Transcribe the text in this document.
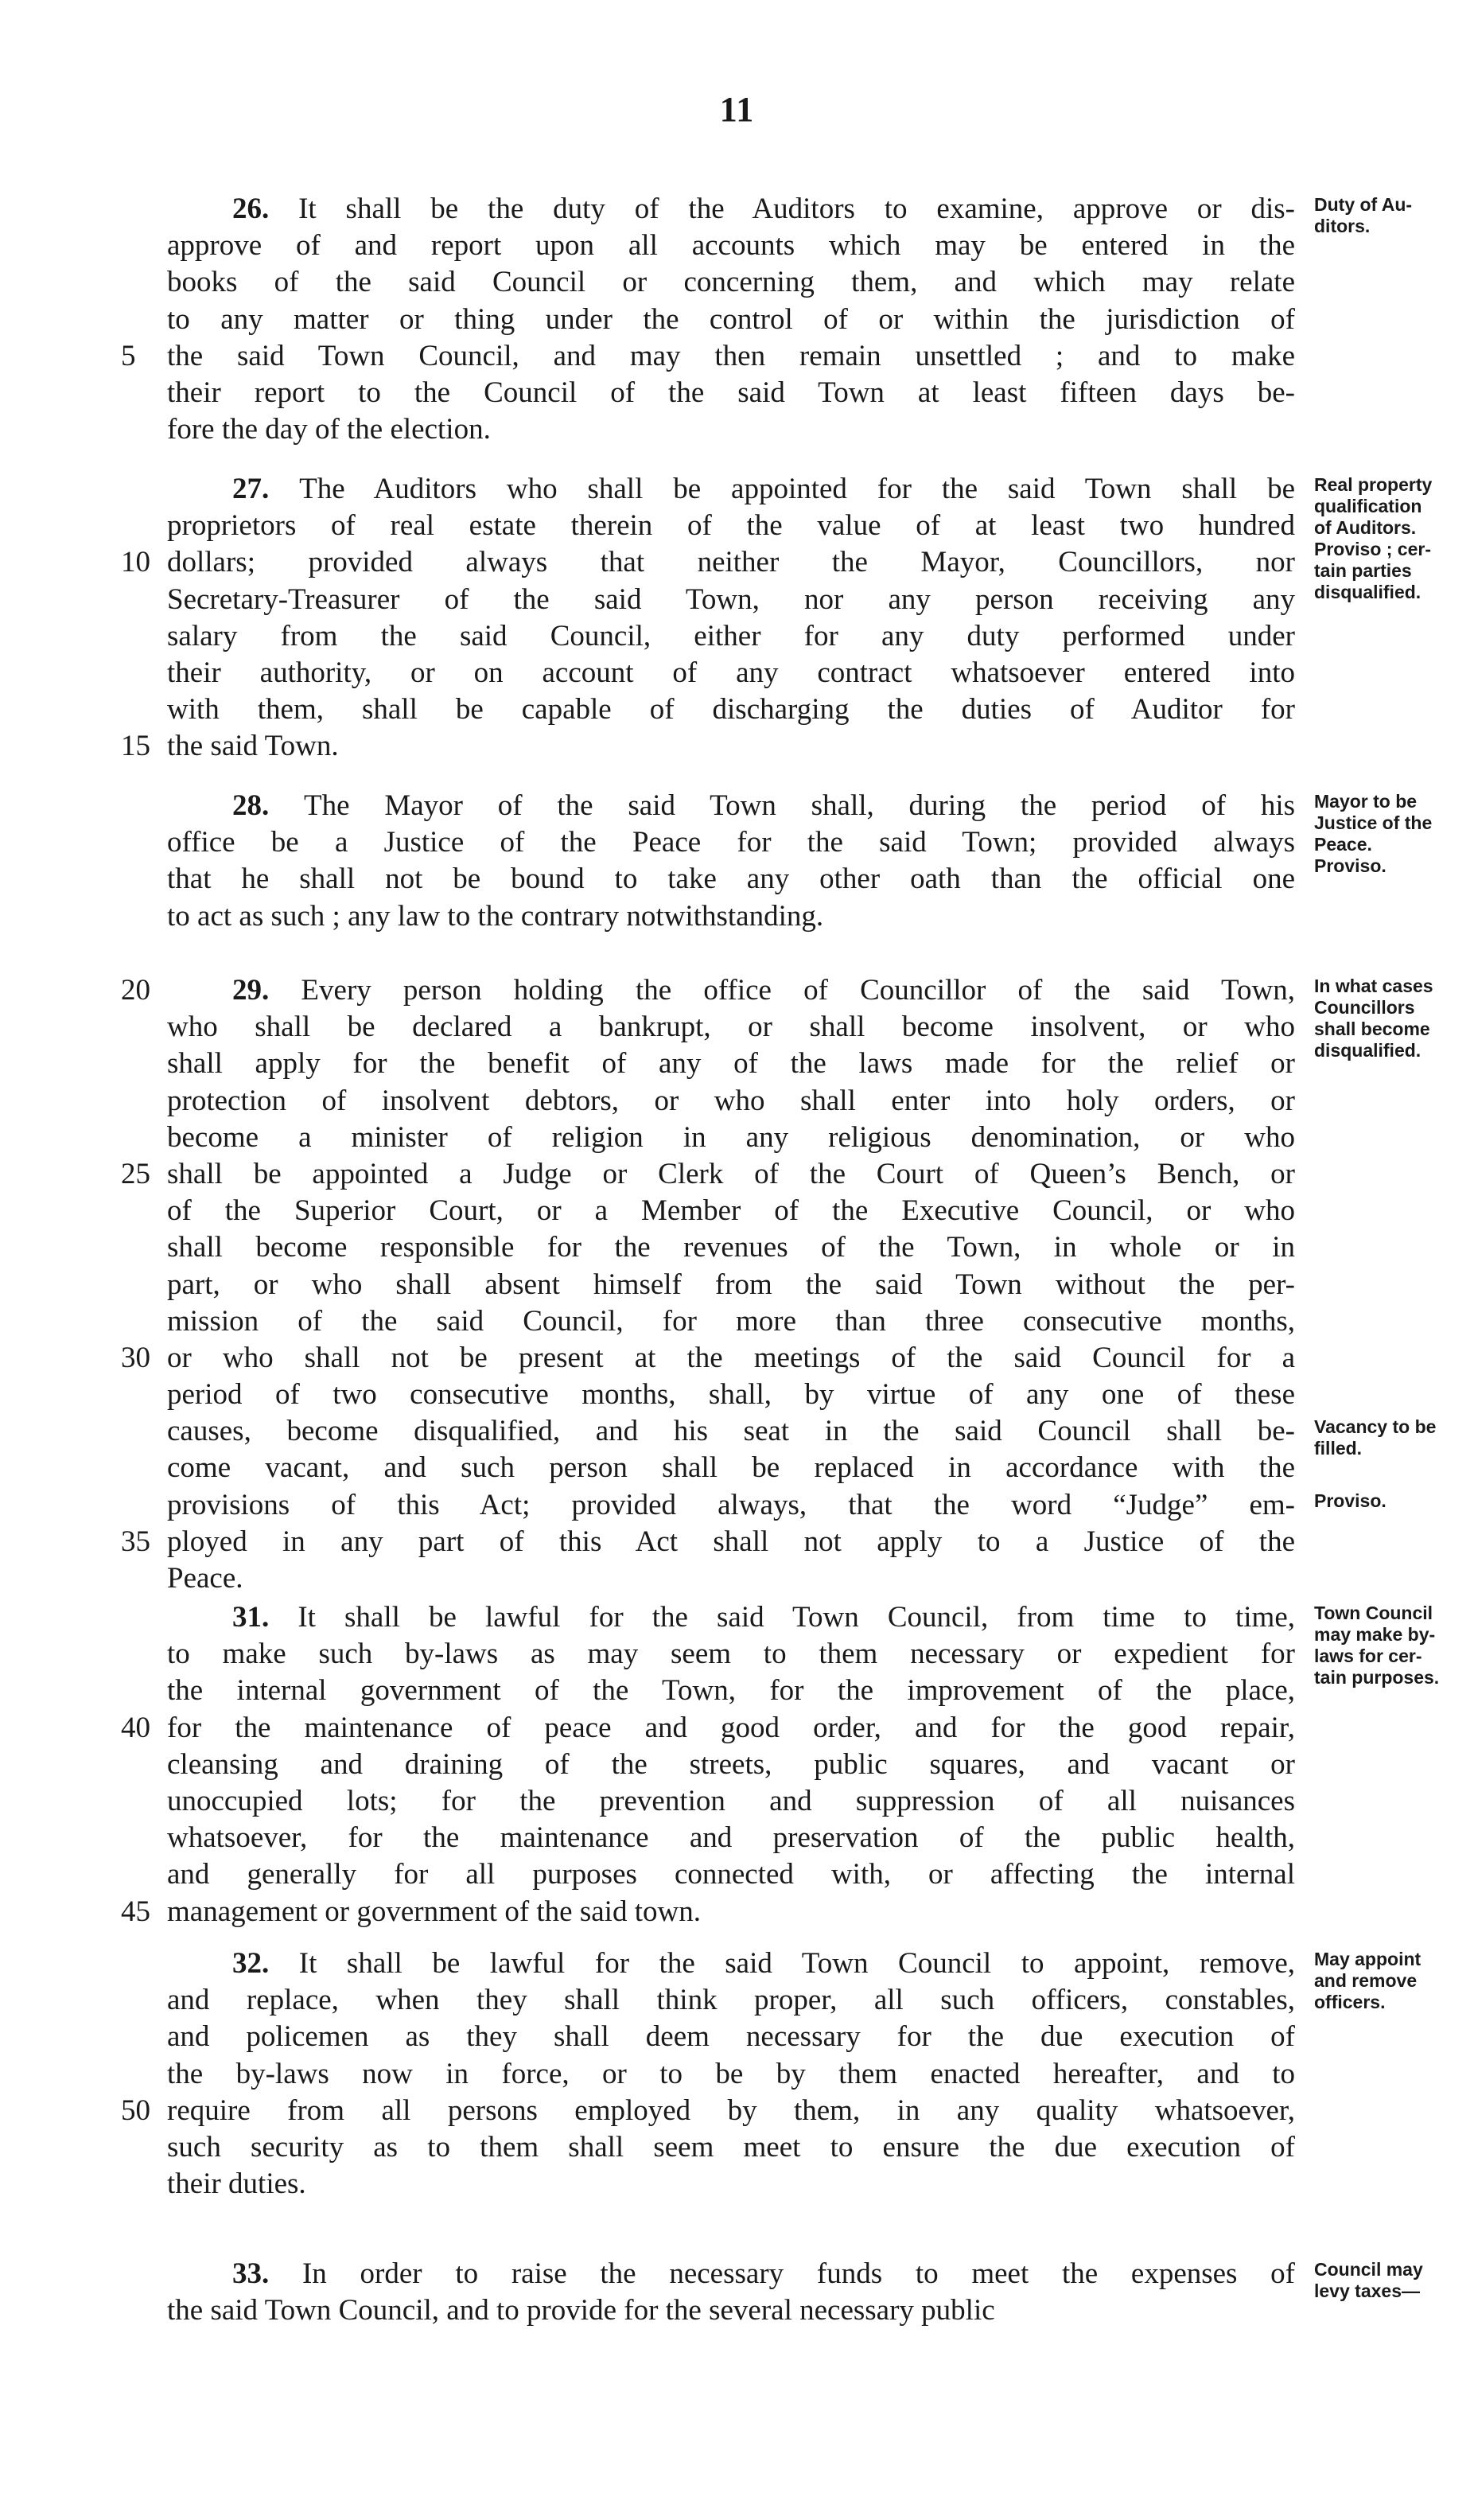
11
26. It shall be the duty of the Auditors to examine, approve or dis-
approve of and report upon all accounts which may be entered in the
books of the said Council or concerning them, and which may relate
to any matter or thing under the control of or within the jurisdiction of
5	the said Town Council, and may then remain unsettled ; and to make
their report to the Council of the said Town at least fifteen days be-
fore the day of the election.
Duty of Au-
ditors.
27. The Auditors who shall be appointed for the said Town shall be
proprietors of real estate therein of the value of at least two hundred
10 dollars; provided always that neither the Mayor, Councillors, nor
Secretary-Treasurer of the said Town, nor any person receiving any
salary from the said Council, either for any duty performed under
their authority, or on account of any contract whatsoever entered into
with them, shall be capable of discharging the duties of Auditor for
15 the said Town.
Real property
qualification
of Auditors.
Proviso ; cer-
tain parties
disqualified.
28. The Mayor of the said Town shall, during the period of his
office be a Justice of the Peace for the said Town; provided always
that he shall not be bound to take any other oath than the official one
to act as such ; any law to the contrary notwithstanding.
Mayor to be
Justice of the
Peace.
Proviso.
20	29. Every person holding the office of Councillor of the said Town,
who shall be declared a bankrupt, or shall become insolvent, or who
shall apply for the benefit of any of the laws made for the relief or
protection of insolvent debtors, or who shall enter into holy orders, or
become a minister of religion in any religious denomination, or who
25 shall be appointed a Judge or Clerk of the Court of Queen’s Bench, or
of the Superior Court, or a Member of the Executive Council, or who
shall become responsible for the revenues of the Town, in whole or in
part, or who shall absent himself from the said Town without the per-
mission of the said Council, for more than three consecutive months,
30 or who shall not be present at the meetings of the said Council for a
period of two consecutive months, shall, by virtue of any one of these
causes, become disqualified, and his seat in the said Council shall be-
come vacant, and such person shall be replaced in accordance with the
provisions of this Act; provided always, that the word “Judge” em-
35 ployed in any part of this Act shall not apply to a Justice of the
Peace.
In what cases
Councillors
shall become
disqualified.
Vacancy to be
filled.
Proviso.
31. It shall be lawful for the said Town Council, from time to time,
to make such by-laws as may seem to them necessary or expedient for
the internal government of the Town, for the improvement of the place,
40 for the maintenance of peace and good order, and for the good repair,
cleansing and draining of the streets, public squares, and vacant or
unoccupied lots; for the prevention and suppression of all nuisances
whatsoever, for the maintenance and preservation of the public health,
and generally for all purposes connected with, or affecting the internal
45 management or government of the said town.
Town Council
may make by-
laws for cer-
tain purposes.
32. It shall be lawful for the said Town Council to appoint, remove,
and replace, when they shall think proper, all such officers, constables,
and policemen as they shall deem necessary for the due execution of
the by-laws now in force, or to be by them enacted hereafter, and to
50 require from all persons employed by them, in any quality whatsoever,
such security as to them shall seem meet to ensure the due execution of
their duties.
May appoint
and remove
officers.
33. In order to raise the necessary funds to meet the expenses of
the said Town Council, and to provide for the several necessary public
Council may
levy taxes—
